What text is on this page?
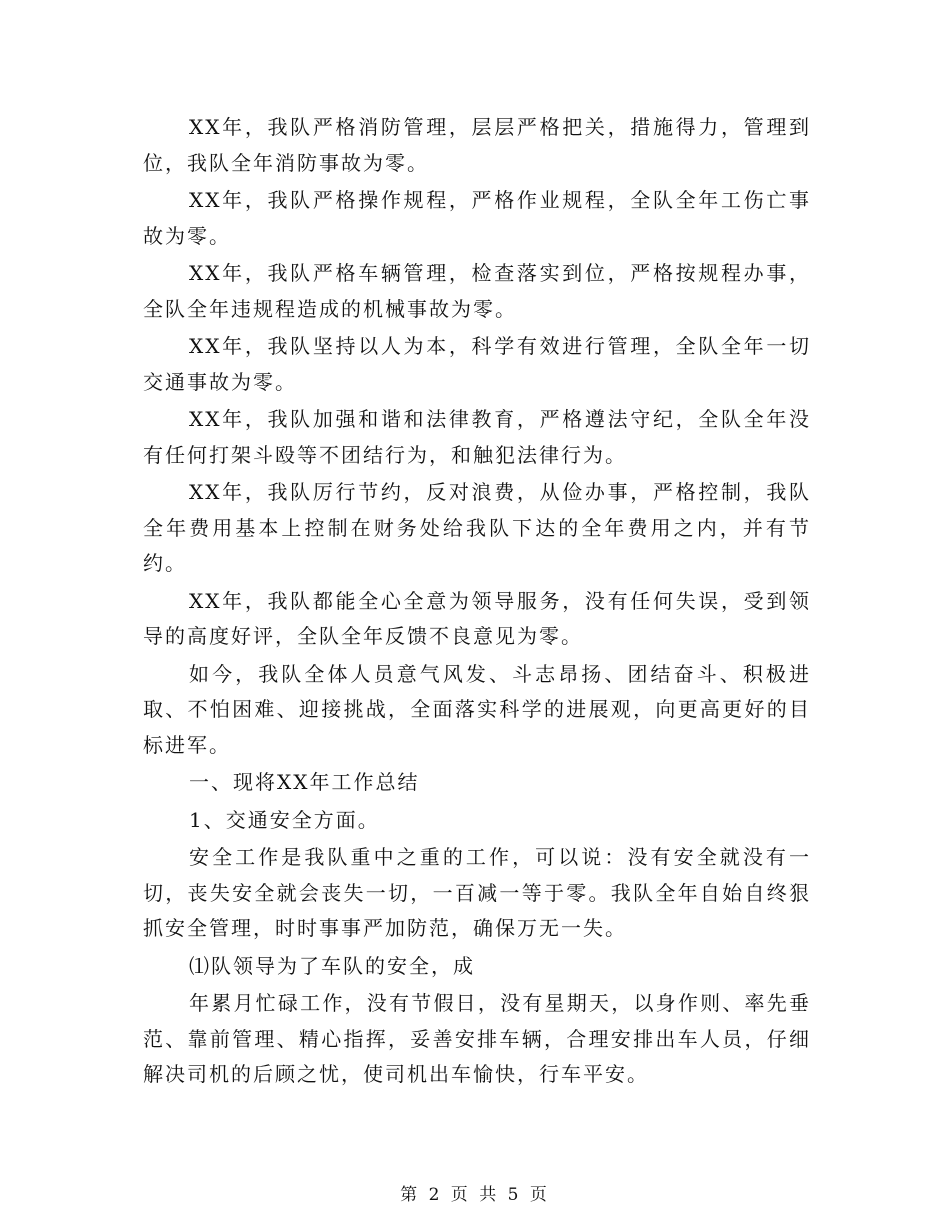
XX年，我队严格消防管理，层层严格把关，措施得力，管理到位，我队全年消防事故为零。

XX年，我队严格操作规程，严格作业规程，全队全年工伤亡事故为零。

XX年，我队严格车辆管理，检查落实到位，严格按规程办事，全队全年违规程造成的机械事故为零。

XX年，我队坚持以人为本，科学有效进行管理，全队全年一切交通事故为零。

XX年，我队加强和谐和法律教育，严格遵法守纪，全队全年没有任何打架斗殴等不团结行为，和触犯法律行为。

XX年，我队厉行节约，反对浪费，从俭办事，严格控制，我队全年费用基本上控制在财务处给我队下达的全年费用之内，并有节约。

XX年，我队都能全心全意为领导服务，没有任何失误，受到领导的高度好评，全队全年反馈不良意见为零。

如今，我队全体人员意气风发、斗志昂扬、团结奋斗、积极进取、不怕困难、迎接挑战，全面落实科学的进展观，向更高更好的目标进军。

一、现将XX年工作总结

1、交通安全方面。

安全工作是我队重中之重的工作，可以说：没有安全就没有一切，丧失安全就会丧失一切，一百减一等于零。我队全年自始自终狠抓安全管理，时时事事严加防范，确保万无一失。

⑴队领导为了车队的安全，成

年累月忙碌工作，没有节假日，没有星期天，以身作则、率先垂范、靠前管理、精心指挥，妥善安排车辆，合理安排出车人员，仔细解决司机的后顾之忧，使司机出车愉快，行车平安。

第 2 页 共 5 页
